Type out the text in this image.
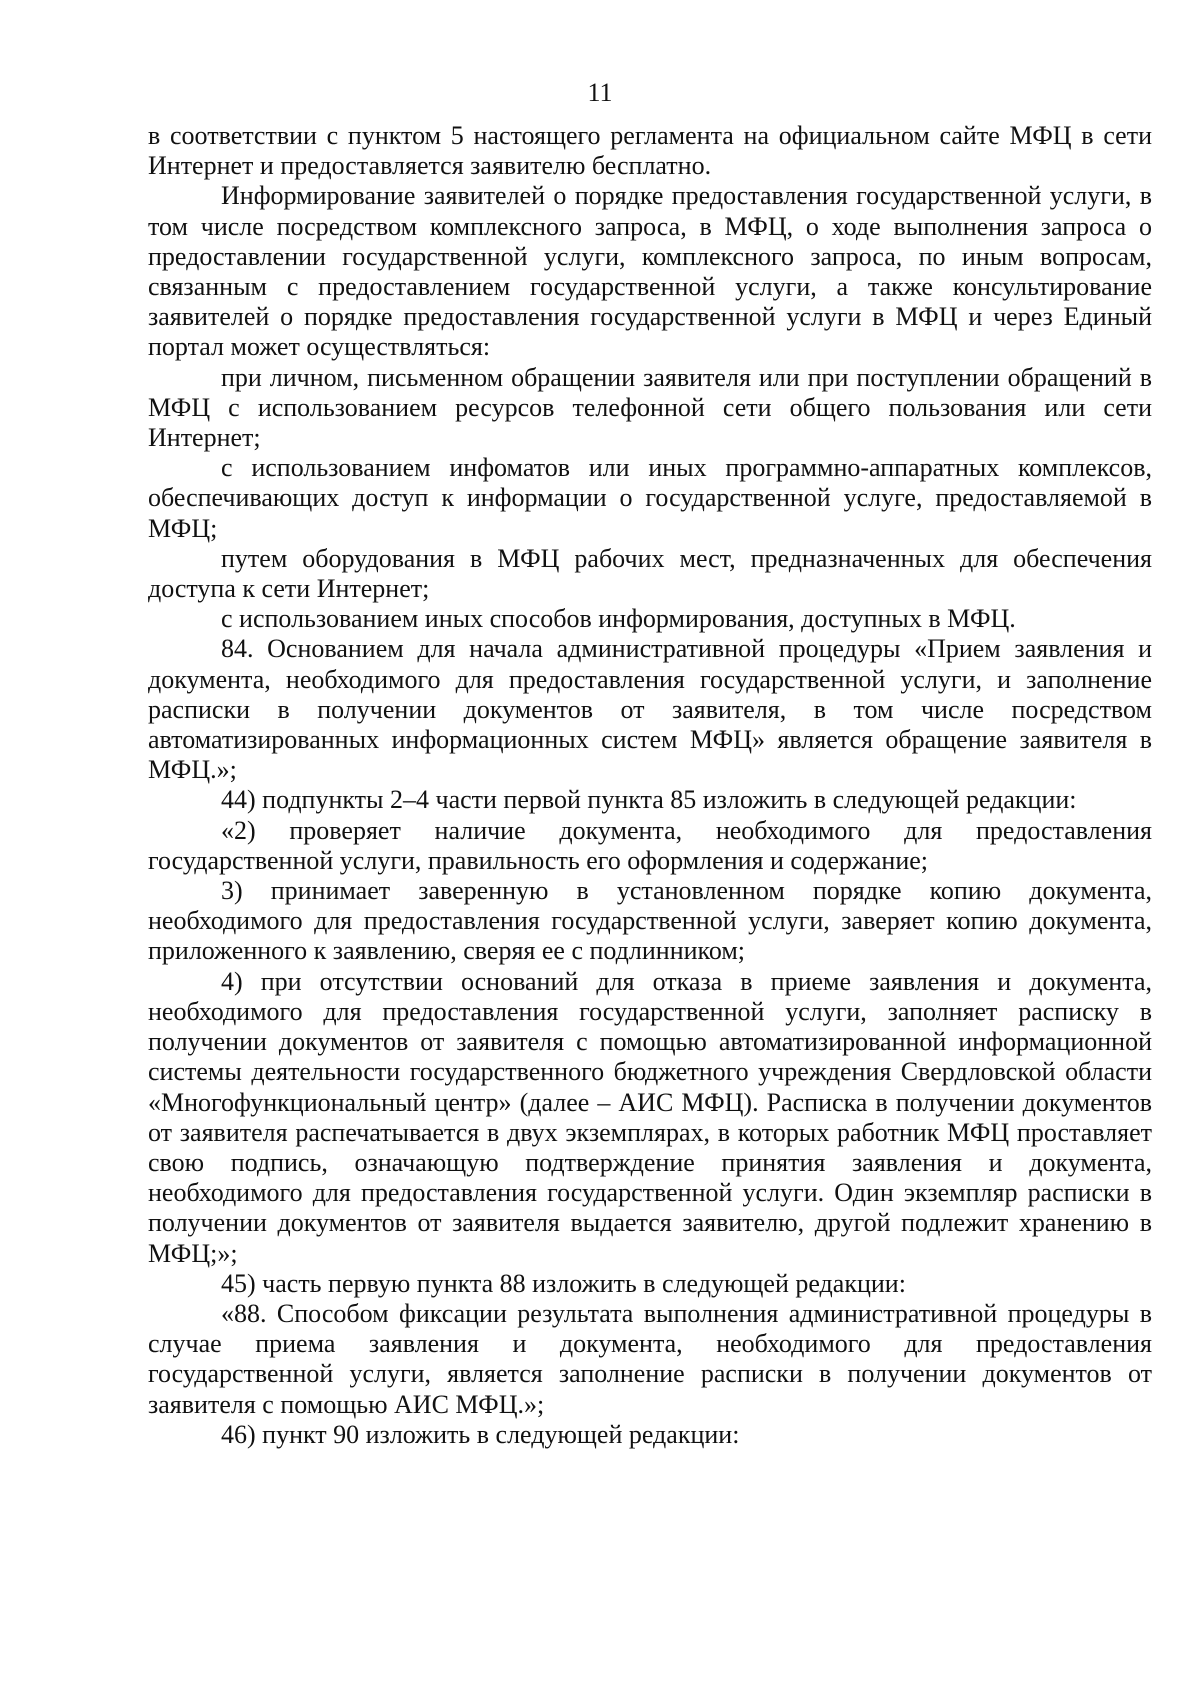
11

в соответствии с пунктом 5 настоящего регламента на официальном сайте МФЦ в сети Интернет и предоставляется заявителю бесплатно.

Информирование заявителей о порядке предоставления государственной услуги, в том числе посредством комплексного запроса, в МФЦ, о ходе выполнения запроса о предоставлении государственной услуги, комплексного запроса, по иным вопросам, связанным с предоставлением государственной услуги, а также консультирование заявителей о порядке предоставления государственной услуги в МФЦ и через Единый портал может осуществляться:

при личном, письменном обращении заявителя или при поступлении обращений в МФЦ с использованием ресурсов телефонной сети общего пользования или сети Интернет;

с использованием инфоматов или иных программно-аппаратных комплексов, обеспечивающих доступ к информации о государственной услуге, предоставляемой в МФЦ;

путем оборудования в МФЦ рабочих мест, предназначенных для обеспечения доступа к сети Интернет;

с использованием иных способов информирования, доступных в МФЦ.

84. Основанием для начала административной процедуры «Прием заявления и документа, необходимого для предоставления государственной услуги, и заполнение расписки в получении документов от заявителя, в том числе посредством автоматизированных информационных систем МФЦ» является обращение заявителя в МФЦ.»;

44) подпункты 2–4 части первой пункта 85 изложить в следующей редакции:

«2) проверяет наличие документа, необходимого для предоставления государственной услуги, правильность его оформления и содержание;

3) принимает заверенную в установленном порядке копию документа, необходимого для предоставления государственной услуги, заверяет копию документа, приложенного к заявлению, сверяя ее с подлинником;

4) при отсутствии оснований для отказа в приеме заявления и документа, необходимого для предоставления государственной услуги, заполняет расписку в получении документов от заявителя с помощью автоматизированной информационной системы деятельности государственного бюджетного учреждения Свердловской области «Многофункциональный центр» (далее – АИС МФЦ). Расписка в получении документов от заявителя распечатывается в двух экземплярах, в которых работник МФЦ проставляет свою подпись, означающую подтверждение принятия заявления и документа, необходимого для предоставления государственной услуги. Один экземпляр расписки в получении документов от заявителя выдается заявителю, другой подлежит хранению в МФЦ;»;

45) часть первую пункта 88 изложить в следующей редакции:

«88. Способом фиксации результата выполнения административной процедуры в случае приема заявления и документа, необходимого для предоставления государственной услуги, является заполнение расписки в получении документов от заявителя с помощью АИС МФЦ.»;

46) пункт 90 изложить в следующей редакции:
